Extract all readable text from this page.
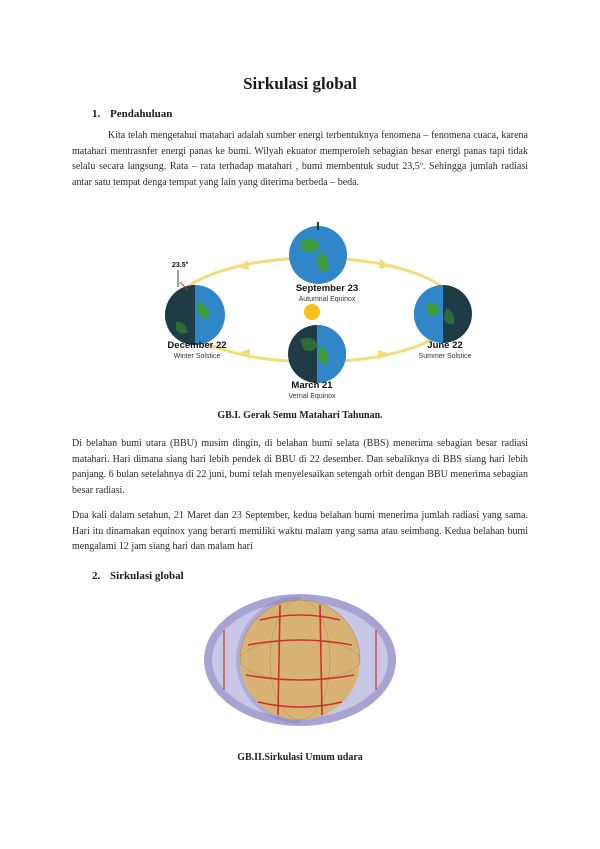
Sirkulasi global
1. Pendahuluan
Kita telah mengetahui matahari adalah sumber energi terbentuknya fenomena – fenomena cuaca, karena matahari mentrasnfer energi panas ke bumi. Wilyah ekuator memperoleh sebagian besar energi panas tapi tidak selalu secara langsung. Rata – rata terhadap matahari , bumi membentuk sudut 23,5º. Sehingga jumlah radiasi antar satu tempat denga tempat yang lain yang diterima berbeda – beda.
23.5°
September 23
Autumnal Equinox
December 22
Winter Solstice
June 22
Summer Solstice
March 21
Vernal Equinox
GB.I. Gerak Semu Matahari Tahunan.
Di belahan bumi utara (BBU) musim dingin, di belahan bumi selata (BBS) menerima sebagian besar radiasi matahari. Hari dimana siang hari lebih pendek di BBU di 22 desember. Dan sebaliknya di BBS siang hari lebih panjang. 6 bulan setelahnya di 22 juni, bumi telah menyelesaikan setengah orbit dengan BBU menerima sebagian besar radiasi.
Dua kali dalam setahun, 21 Maret dan 23 September, kedua belahan bumi menerima jumlah radiasi yang sama. Hari itu dinamakan equinox yang berarti memiliki waktu malam yang sama atau seimbang. Kedua belahan bumi mengalami 12 jam siang hari dan malam hari
2. Sirkulasi global
GB.II.Sirkulasi Umum udara
